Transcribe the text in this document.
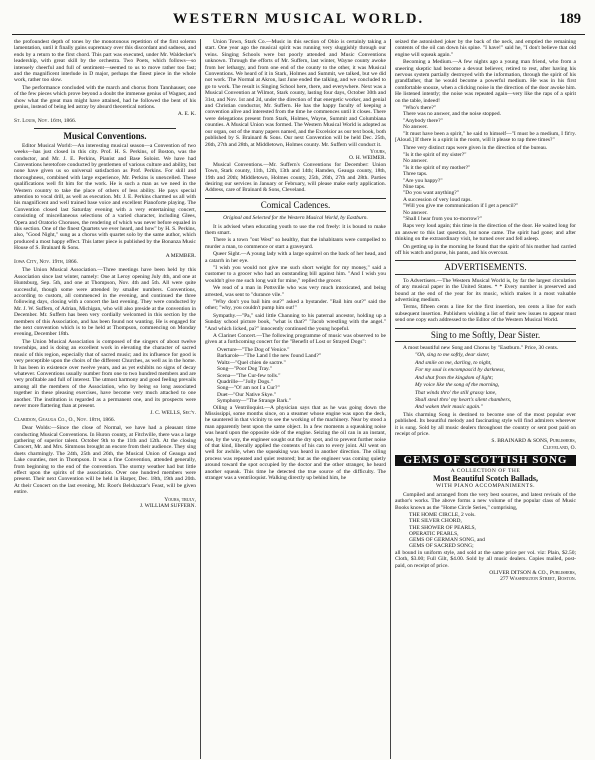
WESTERN MUSICAL WORLD.	189

the profoundest depth of tones by the monotonous repetition of the first solemn lamentation, until it finally gains supremacy over this discordant and sadness, and ends by a return to the first chord. This part was executed, under Mr. Waldecker's leadership, with great skill by the orchestra. Two Poets, which follows—so intensely cheerful and full of sentiment—seemed to us to move rather too fast; and the magnificent interlude in D major, perhaps the finest piece in the whole work, rather too slow.

The performance concluded with the march and chorus from Tannhauser, one of the few pieces which prove beyond a doubt the immense genius of Wagner, and show what the great man might have attained, had he followed the bent of his genius, instead of being led astray by absurd theoretical notions.

A. E. K.
St. Louis, Nov. 16th, 1866.
Musical Conventions.

Editor Musical World:—An interesting musical season—a Convention of two weeks—has just closed in this city. Prof. H. S. Perkins, of Boston, was the conductor, and Mr. J. E. Perkins, Pianist and Base Soloist. We have had Conventions heretofore conducted by gentlemen of various culture and ability, but none have given us so universal satisfaction as Prof. Perkins. For skill and thoroughness, combined with large experience, Mr. Perkins is unexcelled. These qualifications well fit him for the work. He is such a man as we need in the Western country to take the place of others of less ability. He pays special attention to vocal drill, as well as execution. Mr. J. E. Perkins charmed us all with his magnificent and well trained base voice and excellent Pianoforte playing. The Convention closed last Saturday evening with a very entertaining concert, consisting of miscellaneous selections of a varied character, including Glees, Opera and Oratorio Choruses, the rendering of which was never before equaled in this section. One of the finest Quartets we ever heard, and how" by H. S. Perkins, also, "Good Night," sung as a chorus with quartet solo by the same author, which produced a most happy effect. This latter piece is published by the Bonanza Music House of S. Brainard & Sons.

A MEMBER.
Iowa City, Nov. 19th, 1866.

The Union Musical Association.—Three meetings have been held by this Association since last winter, namely: One at Leroy opening July 4th, and one at Huntsburg, Sep. 5th, and one at Thompson, Nov. 4th and 5th. All were quite successful, though some were attended by smaller numbers. Conventions, according to custom, all commenced in the evening, and continued the three following days, closing with a concert the last evening. They were conducted by Mr. J. W. Suffern, of Adrian, Michigan, who will also preside at the convention in December. Mr. Suffern has been very cordially welcomed in this section by the members of this Association, and has been found not wanting. He is engaged for the next convention which is to be held at Thompson, commencing on Monday evening, December 18th.

The Union Musical Association is composed of the singers of about twelve townships, and is doing an excellent work in elevating the character of sacred music of this region, especially that of sacred music; and its influence for good is very perceptible upon the choirs of the different Churches, as well as in the home. It has been in existence over twelve years, and as yet exhibits no signs of decay whatever. Conventions usually number from one to two hundred members and are very profitable and full of interest. The utmost harmony and good feeling prevails among all the members of the Association, who by being so long associated together in these pleasing exercises, have become very much attached to one another. The institution is regarded as a permanent one, and its prospects were never more flattering than at present.

J. C. WELLS, Sec'y.
Claridon, Geauga Co., O., Nov. 18th, 1866.

Dear Wolds:—Since the close of Normal, we have had a pleasant time conducting Musical Conventions. In Huron county, at Fitchville, there was a large gathering of superior talent. October 9th to the 11th and 12th. At the closing Concert, Mr. and Mrs. Simmons brought an encore from their audience. They sing duets charmingly. The 24th, 25th and 26th, the Musical Union of Geauga and Lake counties, met in Thompson. It was a fine Convention, attended generally, from beginning to the end of the convention. The stormy weather had but little effect upon the spirits of the association. Over one hundred members were present. Their next Convention will be held in Harper, Dec. 18th, 19th and 20th. At their Concert on the last evening, Mr. Root's Belshazzar's Feast, will be given entire.

Yours, truly,
J. WILLIAM SUFFERN.

Union Town, Stark Co.—Music in this section of Ohio is certainly taking a start. One year ago the musical spirit was running very sluggishly through our veins. Singing Schools were but poorly attended and Music Conventions unknown. Through the efforts of Mr. Suffern, last winter, Wayne county awoke from her lethargy, and from one end of the county to the other, it was Musical Conventions. We heard of it in Stark, Holmes and Summit, we talked, but we did not work. The Normal at Akron, last June ended the talking, and we concluded to go to work. The result is Singing School here, there, and everywhere. Next was a Musical Convention at Wilmot, Stark county, lasting four days, October 30th and 31st, and Nov. 1st and 2d, under the direction of that energetic worker, and genial and Christian conductor, Mr. Suffern. He has the happy faculty of keeping a convention alive and interested from the time he commences until it closes. There were delegations present from Stark, Holmes, Wayne, Summit and Columbiana counties. A Musical Union was formed. The Western Musical World is adopted as our organ, out of the many papers named, and the Excelsior as our text book, both published by S. Brainard & Sons. Our next Convention will be held Dec. 25th, 26th, 27th and 28th, at Middletown, Holmes county. Mr. Suffern will conduct it.

Yours,
O. H. WEIMER.

Musical Conventions.—Mr. Suffern's Conventions for December: Union Town, Stark county, 11th, 12th, 13th and 14th; Hamden, Geauga county, 18th, 19th and 20th; Middletown, Holmes county, 25th, 26th, 27th and 28th. Parties desiring our services in January or February, will please make early application. Address, care of Brainard & Sons, Cleveland.

Comical Cadences.
Original and Selected for the Western Musical World, by Eastburn.

It is advised when educating youth to use the rod freely: it is bound to make them smart.

There is a town "out West" so healthy, that the inhabitants were compelled to murder a man, to commence or start a graveyard.

Queer Sight.—A young lady with a large squirrel on the back of her head, and a catarrh in her eye.

"I wish you would not give me such short weight for my money," said a customer to a grocer who had an outstanding bill against him. "And I wish you wouldn't give me such long wait for mine," replied the grocer.

We read of a man in Pottsville who was very much intoxicated, and being arrested, was sent to "durance vile."

"Why don't you bail him out?" asked a bystander. "Bail him out?" said the other; "why, you couldn't pump him out!"

Sympathy.—"Pa," said little Channing to his paternal ancestor, holding up a Sunday school picture book, "what is that?" "Jacob wrestling with the angel." "And which licked, pa?" innocently continued the young hopeful.

A Clarinet Concert.—The following programme of music was observed to be given at a forthcoming concert for the "Benefit of Lost or Strayed Dogs":

Overture—"The Dog of Venice."
Barkarole—"The Land I the new found Land?"
Waltz—"Quel chien de sactre."
Song—"Poor Dog Tray."
Scena—"The Cur-few tolls."
Quadrille—"Jolly Dogs."
Song—"O! am not I a Cur?"
Duet—"Our Native Skye."
Symphony—"The Strange Bark."

Oiling a Ventriloquist.—A physician says that as he was going down the Mississippi, some months since, on a steamer whose engine was upon the deck, he sauntered in that vicinity to see the working of the machinery. Near by stood a man apparently bent upon the same object. In a few moments a squeaking noise was heard upon the opposite side of the engine. Seizing the oil can in an instant, one, by the way, the engineer sought out the dry spot, and to prevent further noise of that kind, liberally applied the contents of his can to every joint. All went on well for awhile, when the squeaking was heard in another direction. The oiling process was repeated and quiet restored; but as the engineer was coming quietly around toward the spot occupied by the doctor and the other stranger, he heard another squeak. This time he detected the true source of the difficulty. The stranger was a ventriloquist. Walking directly up behind him, he

seized the astonished joker by the back of the neck, and emptied the remaining contents of the oil can down his spine. "I have!" said he, "I don't believe that old engine will squeak again."

Becoming a Medium.—A few nights ago a young man friend, who from a sneering skeptic had become a devout believer, retired to rest, after having his nervous system partially destroyed with the information, through the spirit of his grandfather, that he would become a powerful medium. He was in his first comfortable snooze, when a clicking noise in the direction of the door awoke him. He listened intently; the noise was repeated again—very like the raps of a spirit on the table, indeed!

"Who's there?"
There was no answer, and the noise stopped.
"Anybody there?"
No answer.

"It must have been a spirit," he said to himself—"I must be a medium, I fit'ry. [Aloud.] If there is a spirit in the room, will it please to rap three times?"

Three very distinct raps were given in the direction of the bureau.

"Is it the spirit of my sister?"
No answer.
"Is it the spirit of my mother?"
Three taps.
"Are you happy?"
Nine taps.
"Do you want anything?"
A succession of very loud raps.
"Will you give me communication if I get a pencil?"
No answer.

"Shall I hear from you to-morrow?"

Raps very loud again; this time in the direction of the door. He waited long for an answer to this last question, but none came. The spirit had gone; and after thinking on the extraordinary visit, he turned over and fell asleep.

On getting up in the morning he found that the spirit of his mother had carried off his watch and purse, his pants, and his overcoat.

ADVERTISEMENTS.

To Advertisers.—The Western Musical World is, by far the largest circulation of any musical paper in the United States. * * Every number is preserved and bound at the end of the year for its music, which makes it a most valuable advertising medium.

Terms, fifteen cents a line for the first insertion, ten cents a line for each subsequent insertion. Publishers wishing a list of their new issues to appear must send one copy each addressed to the Editor of the Western Musical World.

Sing to me Softly, Dear Sister.

A most beautiful new Song and Chorus by "Eastburn." Price, 30 cents.

"Oh, sing to me softly, dear sister,
And smile on me, darling, to night,
For my soul is encompass'd by darkness,
And shut from the kingdom of light;
My voice like the song of the morning,
That winds thro' the still grassy lane,
Shall steal thro' my heart's silent chambers,
And waken their music again."

This charming Song is destined to become one of the most popular ever published. Its beautiful melody and fascinating style will find admirers wherever it is sung. Sold by all music dealers throughout the country or sent post paid on receipt of price.

S. BRAINARD & SONS, Publishers,
Cleveland, O.
GEMS OF SCOTTISH SONG
A COLLECTION OF THE
Most Beautiful Scotch Ballads,
WITH PIANO ACCOMPANIMENTS.

Compiled and arranged from the very best sources, and latest revisals of the author's works. The above forms a new volume of the popular class of Music Books known as the "Home Circle Series," comprising,

THE HOME CIRCLE, 2 vols.
THE SILVER CHORD,
THE SHOWER OF PEARLS,
OPERATIC PEARLS,
GEMS OF GERMAN SONG, and
GEMS OF SACRED SONG;

all bound in uniform style, and sold at the same price per vol. viz: Plain, $2.50; Cloth, $3.00; Full Gilt, $4.00. Sold by all music dealers. Copies mailed, post-paid, on receipt of price.

OLIVER DITSON & CO., Publishers,
277 Washington Street, Boston.
